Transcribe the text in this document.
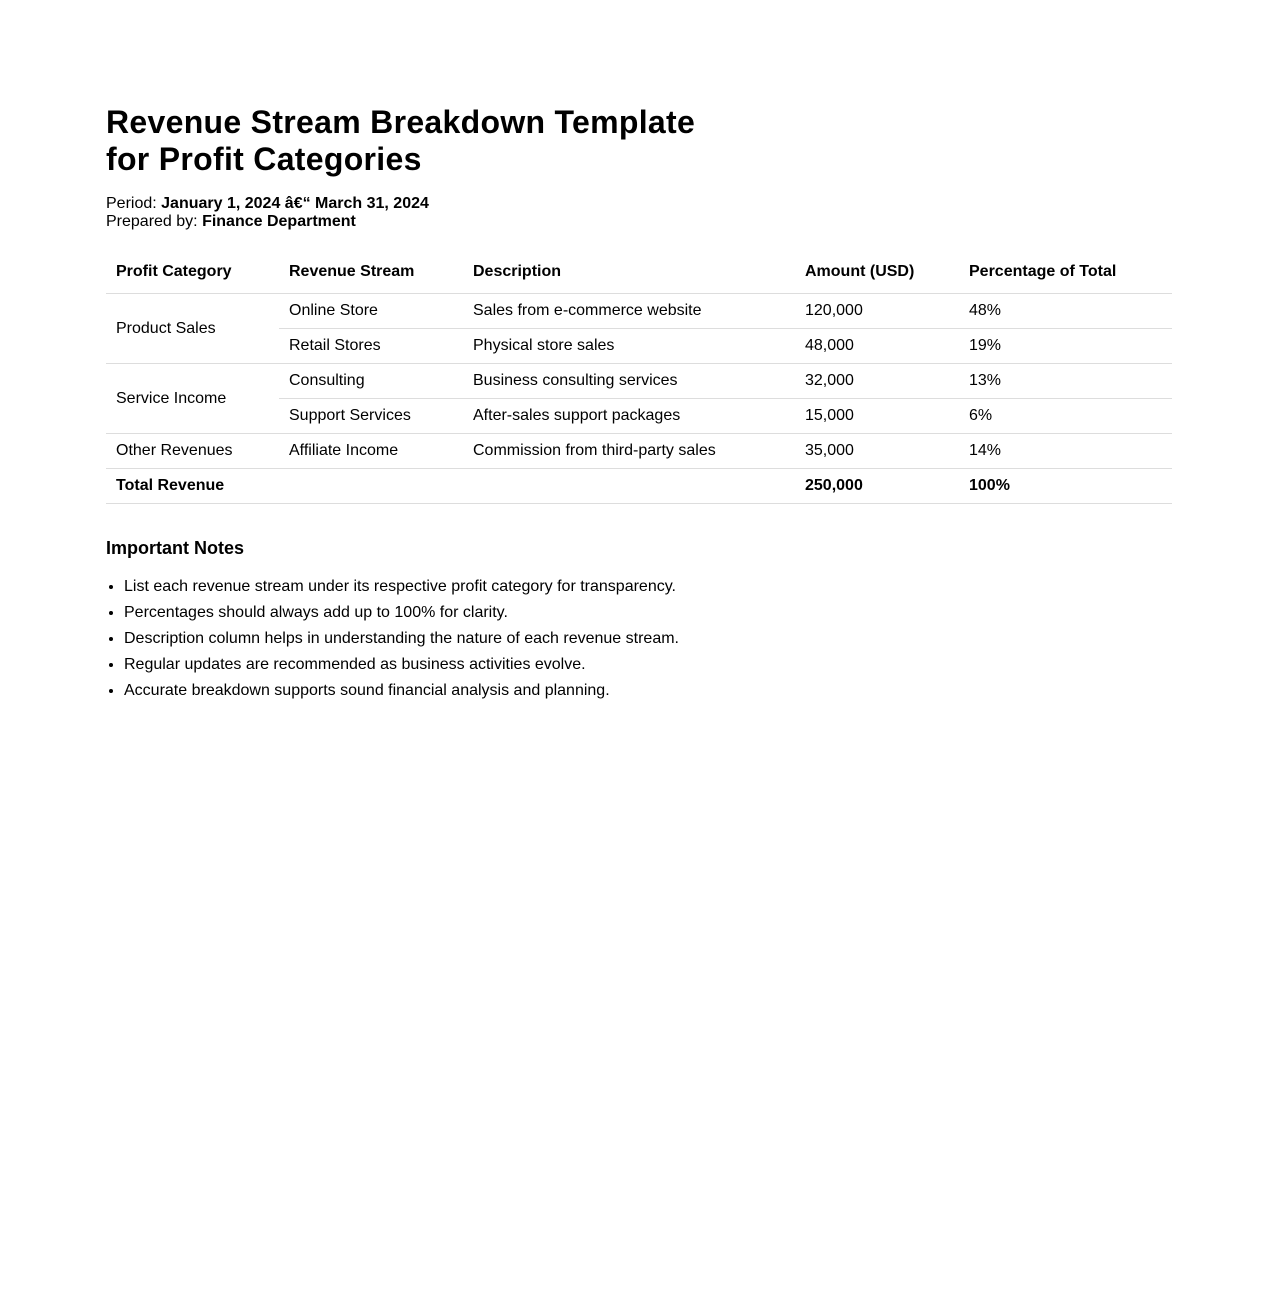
Revenue Stream Breakdown Template for Profit Categories
Period: January 1, 2024 â€“ March 31, 2024
Prepared by: Finance Department
Profit Category	Revenue Stream	Description	Amount (USD)	Percentage of Total
Product Sales	Online Store	Sales from e-commerce website	120,000	48%
	Retail Stores	Physical store sales	48,000	19%
Service Income	Consulting	Business consulting services	32,000	13%
	Support Services	After-sales support packages	15,000	6%
Other Revenues	Affiliate Income	Commission from third-party sales	35,000	14%
Total Revenue			250,000	100%
Important Notes
• List each revenue stream under its respective profit category for transparency.
• Percentages should always add up to 100% for clarity.
• Description column helps in understanding the nature of each revenue stream.
• Regular updates are recommended as business activities evolve.
• Accurate breakdown supports sound financial analysis and planning.
